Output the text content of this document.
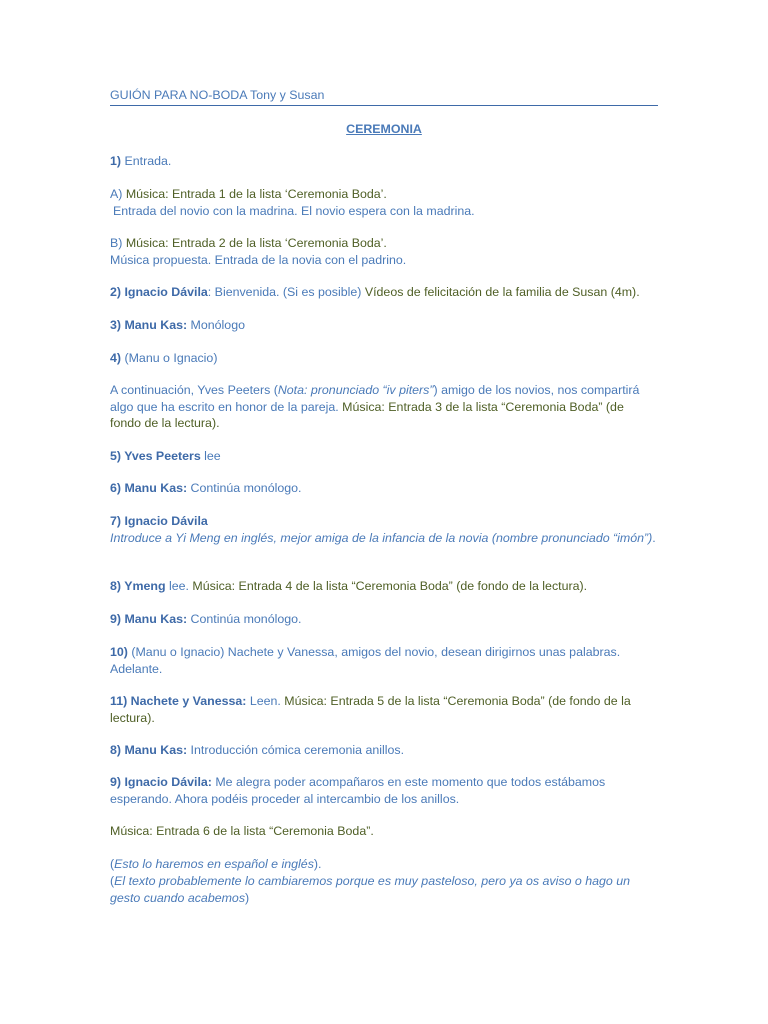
GUIÓN PARA NO-BODA Tony y Susan
CEREMONIA

1) Entrada.

A) Música: Entrada 1 de la lista ‘Ceremonia Boda’.
Entrada del novio con la madrina. El novio espera con la madrina.

B) Música: Entrada 2 de la lista ‘Ceremonia Boda’.
Música propuesta. Entrada de la novia con el padrino.

2) Ignacio Dávila: Bienvenida. (Si es posible) Vídeos de felicitación de la familia de Susan (4m).

3) Manu Kas: Monólogo

4) (Manu o Ignacio)

A continuación, Yves Peeters (Nota: pronunciado “iv piters”) amigo de los novios, nos compartirá algo que ha escrito en honor de la pareja. Música: Entrada 3 de la lista “Ceremonia Boda” (de fondo de la lectura).

5) Yves Peeters lee

6) Manu Kas: Continúa monólogo.

7) Ignacio Dávila
Introduce a Yi Meng en inglés, mejor amiga de la infancia de la novia (nombre pronunciado “imón”).

8) Ymeng lee. Música: Entrada 4 de la lista “Ceremonia Boda” (de fondo de la lectura).

9) Manu Kas: Continúa monólogo.

10) (Manu o Ignacio) Nachete y Vanessa, amigos del novio, desean dirigirnos unas palabras. Adelante.

11) Nachete y Vanessa: Leen. Música: Entrada 5 de la lista “Ceremonia Boda” (de fondo de la lectura).

8) Manu Kas: Introducción cómica ceremonia anillos.

9) Ignacio Dávila: Me alegra poder acompañaros en este momento que todos estábamos esperando. Ahora podéis proceder al intercambio de los anillos.

Música: Entrada 6 de la lista “Ceremonia Boda”.

(Esto lo haremos en español e inglés).

(El texto probablemente lo cambiaremos porque es muy pasteloso, pero ya os aviso o hago un gesto cuando acabemos)
